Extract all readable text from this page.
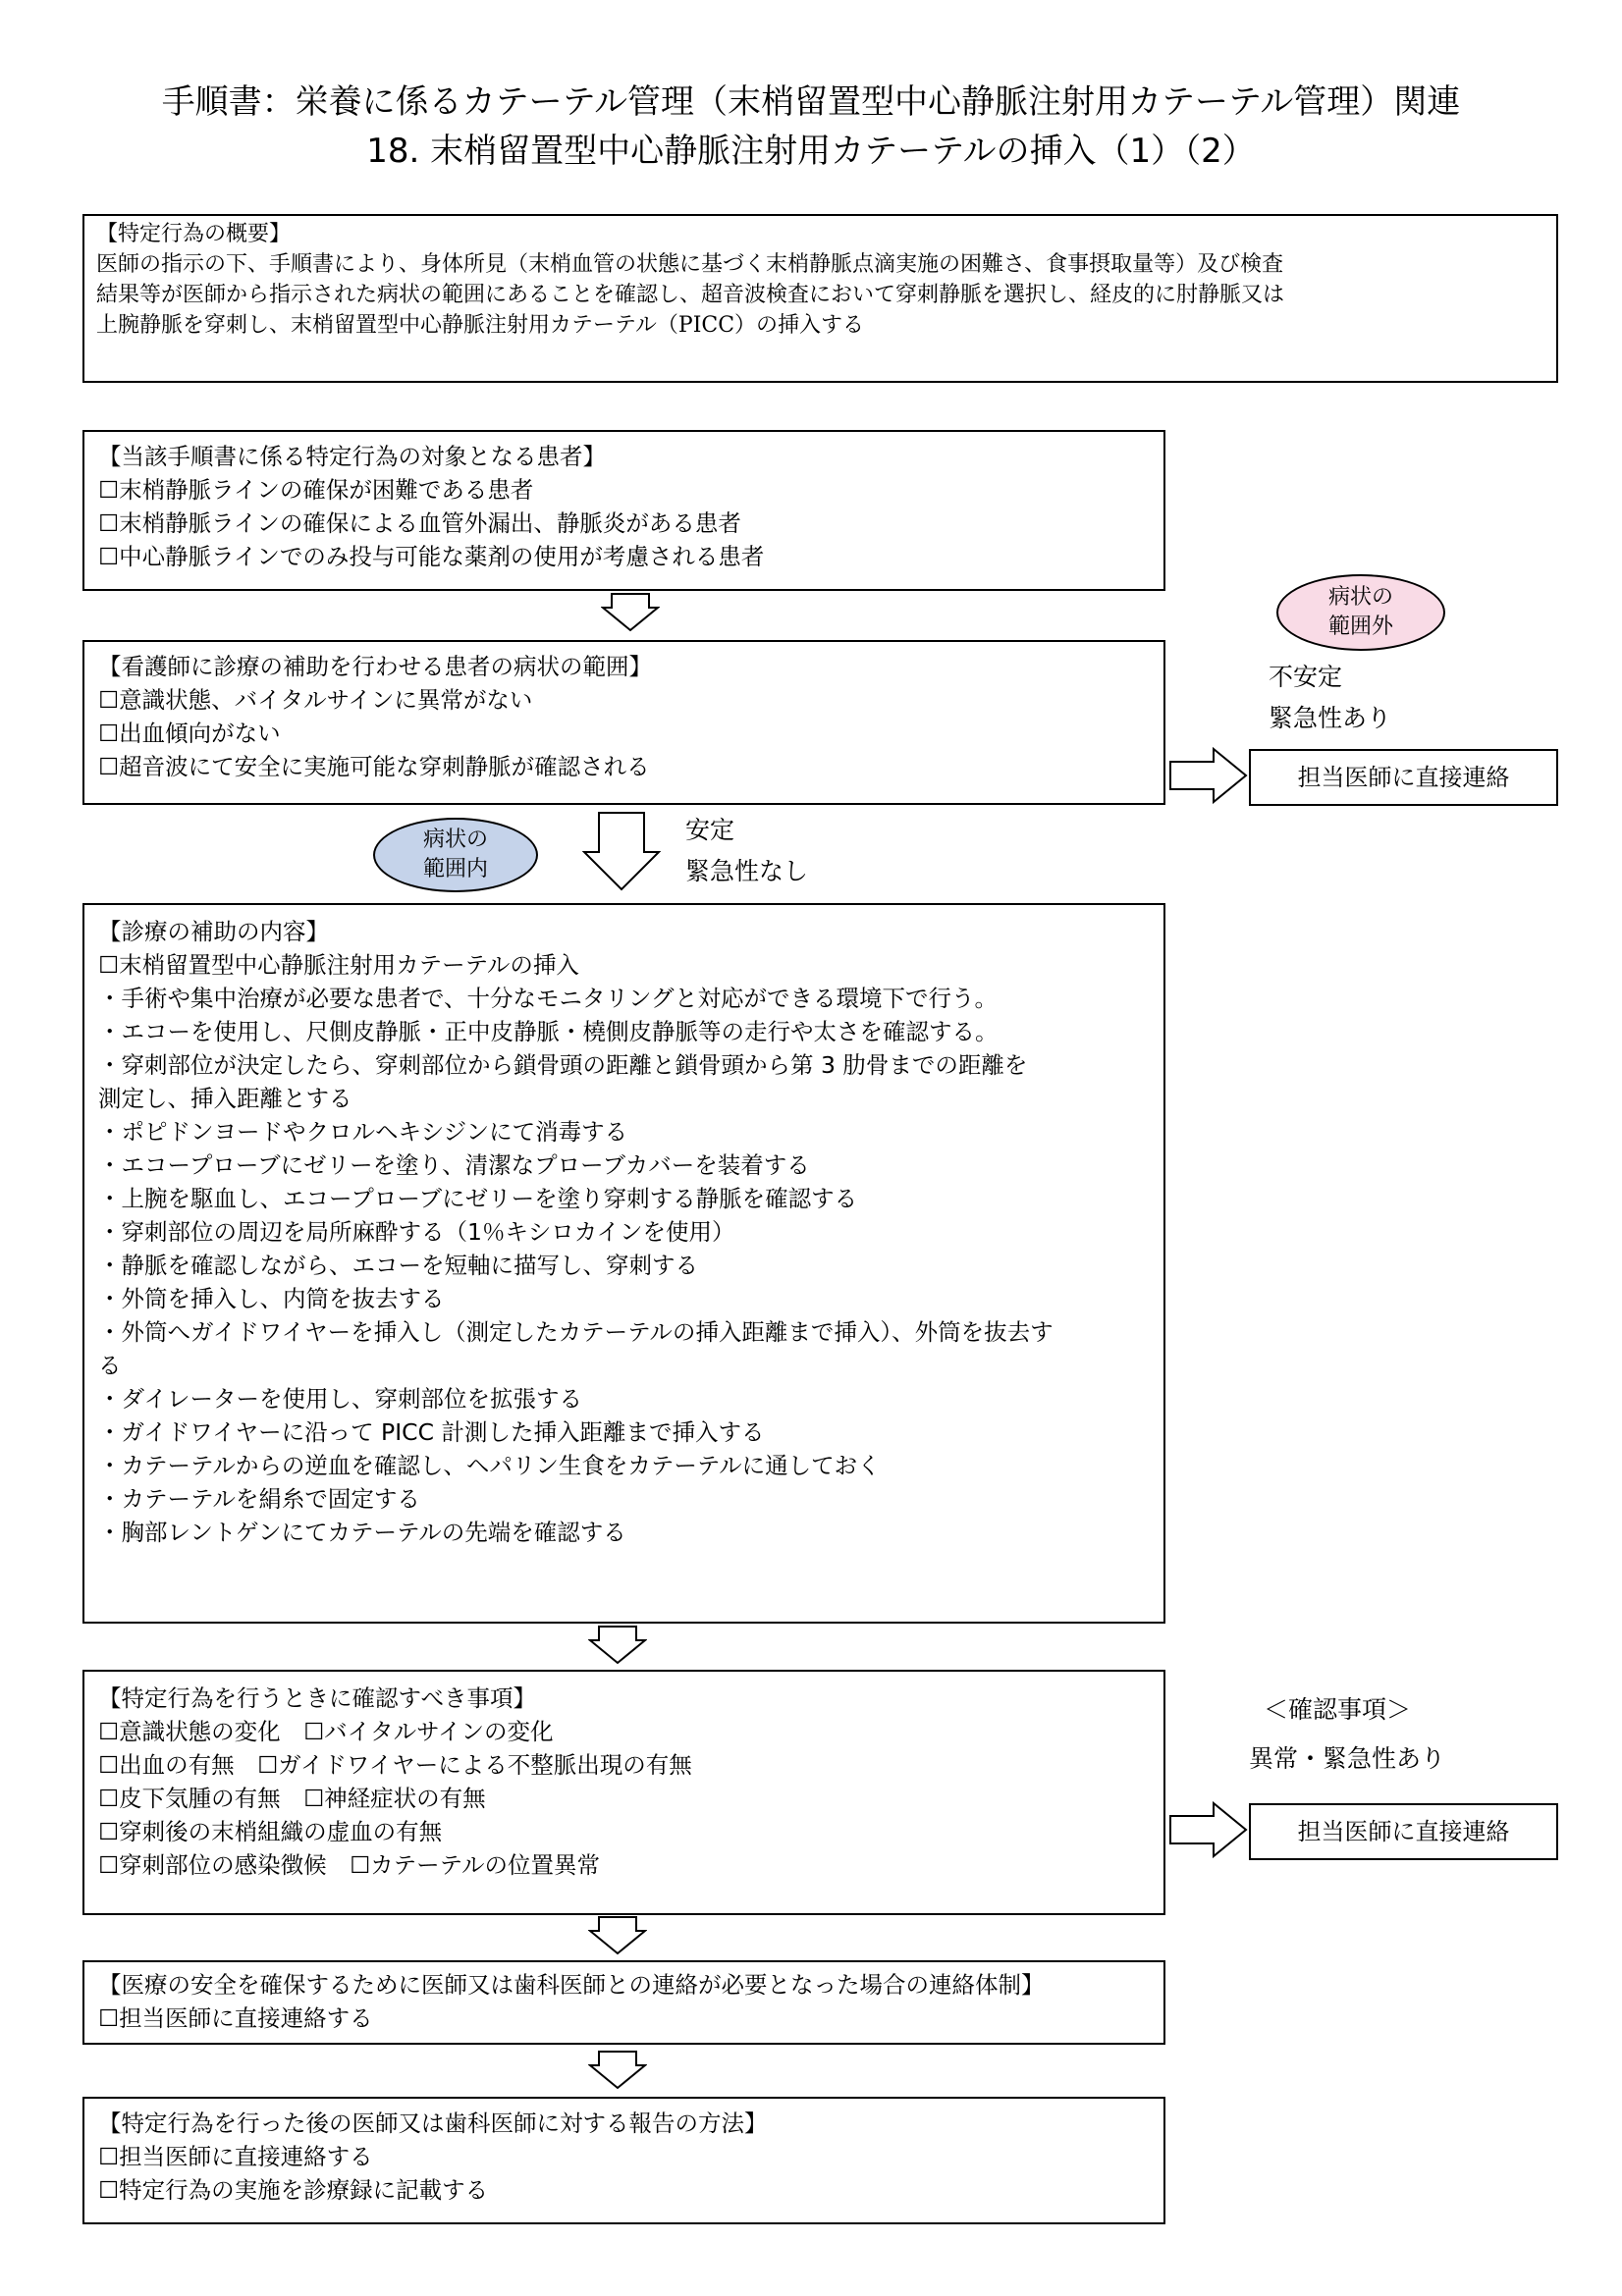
手順書：栄養に係るカテーテル管理（末梢留置型中心静脈注射用カテーテル管理）関連
18. 末梢留置型中心静脈注射用カテーテルの挿入（1）（2）
【特定行為の概要】
医師の指示の下、手順書により、身体所見（末梢血管の状態に基づく末梢静脈点滴実施の困難さ、食事摂取量等）及び検査
結果等が医師から指示された病状の範囲にあることを確認し、超音波検査において穿刺静脈を選択し、経皮的に肘静脈又は
上腕静脈を穿刺し、末梢留置型中心静脈注射用カテーテル（PICC）の挿入する
【当該手順書に係る特定行為の対象となる患者】
☐末梢静脈ラインの確保が困難である患者
☐末梢静脈ラインの確保による血管外漏出、静脈炎がある患者
☐中心静脈ラインでのみ投与可能な薬剤の使用が考慮される患者
【看護師に診療の補助を行わせる患者の病状の範囲】
☐意識状態、バイタルサインに異常がない
☐出血傾向がない
☐超音波にて安全に実施可能な穿刺静脈が確認される
病状の
範囲外
不安定
緊急性あり
担当医師に直接連絡
病状の
範囲内
安定
緊急性なし
【診療の補助の内容】
☐末梢留置型中心静脈注射用カテーテルの挿入
・手術や集中治療が必要な患者で、十分なモニタリングと対応ができる環境下で行う。
・エコーを使用し、尺側皮静脈・正中皮静脈・橈側皮静脈等の走行や太さを確認する。
・穿刺部位が決定したら、穿刺部位から鎖骨頭の距離と鎖骨頭から第 3 肋骨までの距離を
測定し、挿入距離とする
・ポピドンヨードやクロルヘキシジンにて消毒する
・エコープローブにゼリーを塗り、清潔なプローブカバーを装着する
・上腕を駆血し、エコープローブにゼリーを塗り穿刺する静脈を確認する
・穿刺部位の周辺を局所麻酔する（1％キシロカインを使用）
・静脈を確認しながら、エコーを短軸に描写し、穿刺する
・外筒を挿入し、内筒を抜去する
・外筒へガイドワイヤーを挿入し（測定したカテーテルの挿入距離まで挿入）、外筒を抜去す
る
・ダイレーターを使用し、穿刺部位を拡張する
・ガイドワイヤーに沿って PICC 計測した挿入距離まで挿入する
・カテーテルからの逆血を確認し、ヘパリン生食をカテーテルに通しておく
・カテーテルを絹糸で固定する
・胸部レントゲンにてカテーテルの先端を確認する
【特定行為を行うときに確認すべき事項】
☐意識状態の変化　☐バイタルサインの変化
☐出血の有無　☐ガイドワイヤーによる不整脈出現の有無
☐皮下気腫の有無　☐神経症状の有無
☐穿刺後の末梢組織の虚血の有無
☐穿刺部位の感染徴候　☐カテーテルの位置異常
＜確認事項＞
異常・緊急性あり
担当医師に直接連絡
【医療の安全を確保するために医師又は歯科医師との連絡が必要となった場合の連絡体制】
☐担当医師に直接連絡する
【特定行為を行った後の医師又は歯科医師に対する報告の方法】
☐担当医師に直接連絡する
☐特定行為の実施を診療録に記載する
